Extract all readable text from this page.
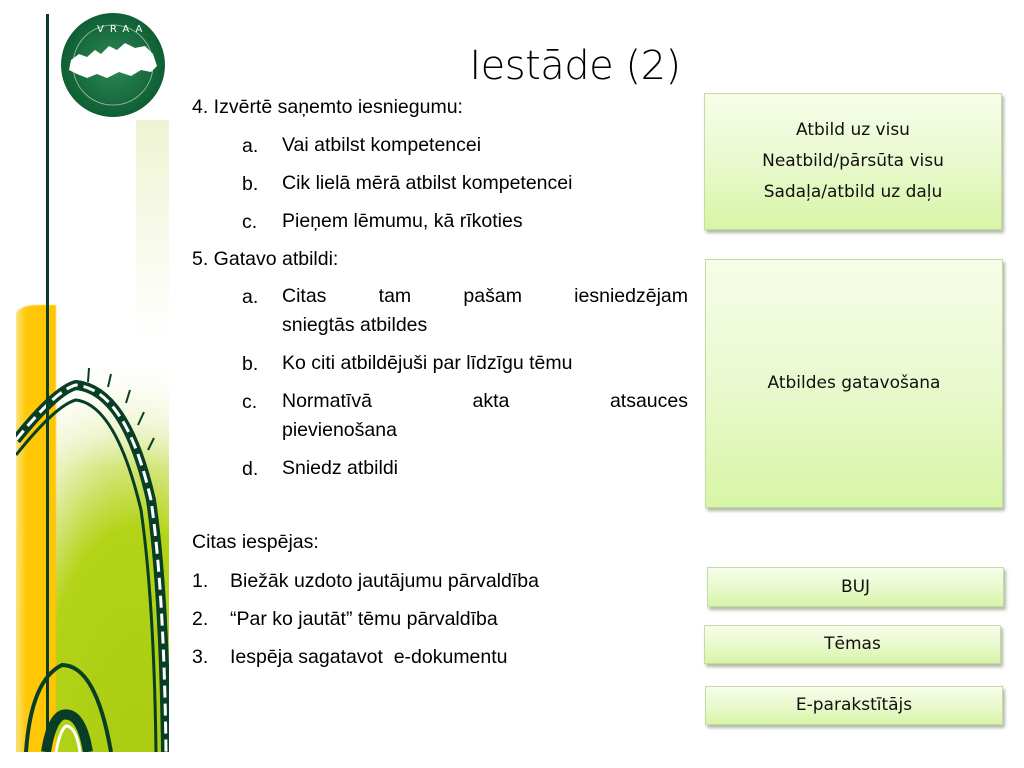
VRAA
Iestāde (2)
4. Izvērtē saņemto iesniegumu:
a. Vai atbilst kompetencei
b. Cik lielā mērā atbilst kompetencei
c. Pieņem lēmumu, kā rīkoties
5. Gatavo atbildi:
a. Citas tam pašam iesniedzējam
sniegtās atbildes
b. Ko citi atbildējuši par līdzīgu tēmu
c. Normatīvā akta atsauces
pievienošana
d. Sniedz atbildi
Citas iespējas:
1. Biežāk uzdoto jautājumu pārvaldība
2. “Par ko jautāt” tēmu pārvaldība
3. Iespēja sagatavot  e-dokumentu
Atbild uz visu
Neatbild/pārsūta visu
Sadaļa/atbild uz daļu
Atbildes gatavošana
BUJ
Tēmas
E-parakstītājs
